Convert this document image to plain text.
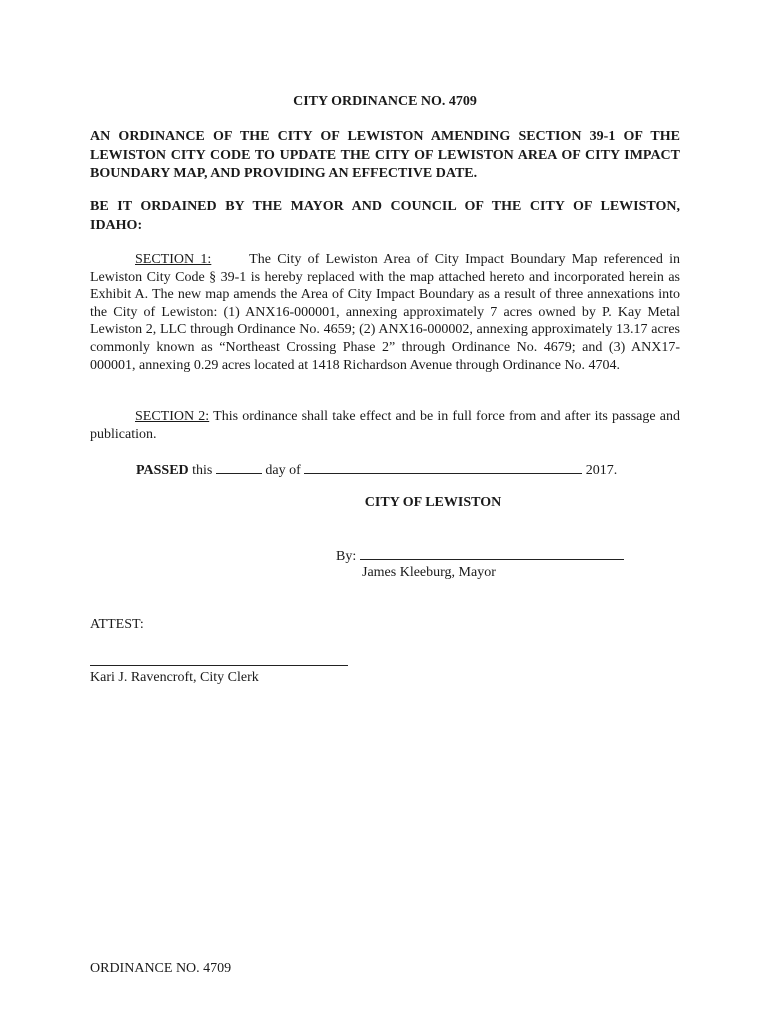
CITY ORDINANCE NO. 4709
AN ORDINANCE OF THE CITY OF LEWISTON AMENDING SECTION 39-1 OF THE LEWISTON CITY CODE TO UPDATE THE CITY OF LEWISTON AREA OF CITY IMPACT BOUNDARY MAP, AND PROVIDING AN EFFECTIVE DATE.
BE IT ORDAINED BY THE MAYOR AND COUNCIL OF THE CITY OF LEWISTON, IDAHO:
SECTION 1:	The City of Lewiston Area of City Impact Boundary Map referenced in Lewiston City Code § 39-1 is hereby replaced with the map attached hereto and incorporated herein as Exhibit A. The new map amends the Area of City Impact Boundary as a result of three annexations into the City of Lewiston: (1) ANX16-000001, annexing approximately 7 acres owned by P. Kay Metal Lewiston 2, LLC through Ordinance No. 4659; (2) ANX16-000002, annexing approximately 13.17 acres commonly known as “Northeast Crossing Phase 2” through Ordinance No. 4679; and (3) ANX17-000001, annexing 0.29 acres located at 1418 Richardson Avenue through Ordinance No. 4704.
SECTION 2: This ordinance shall take effect and be in full force from and after its passage and publication.
PASSED this	day of	2017.
CITY OF LEWISTON
By:
James Kleeburg, Mayor
ATTEST:
Kari J. Ravencroft, City Clerk
ORDINANCE NO. 4709
